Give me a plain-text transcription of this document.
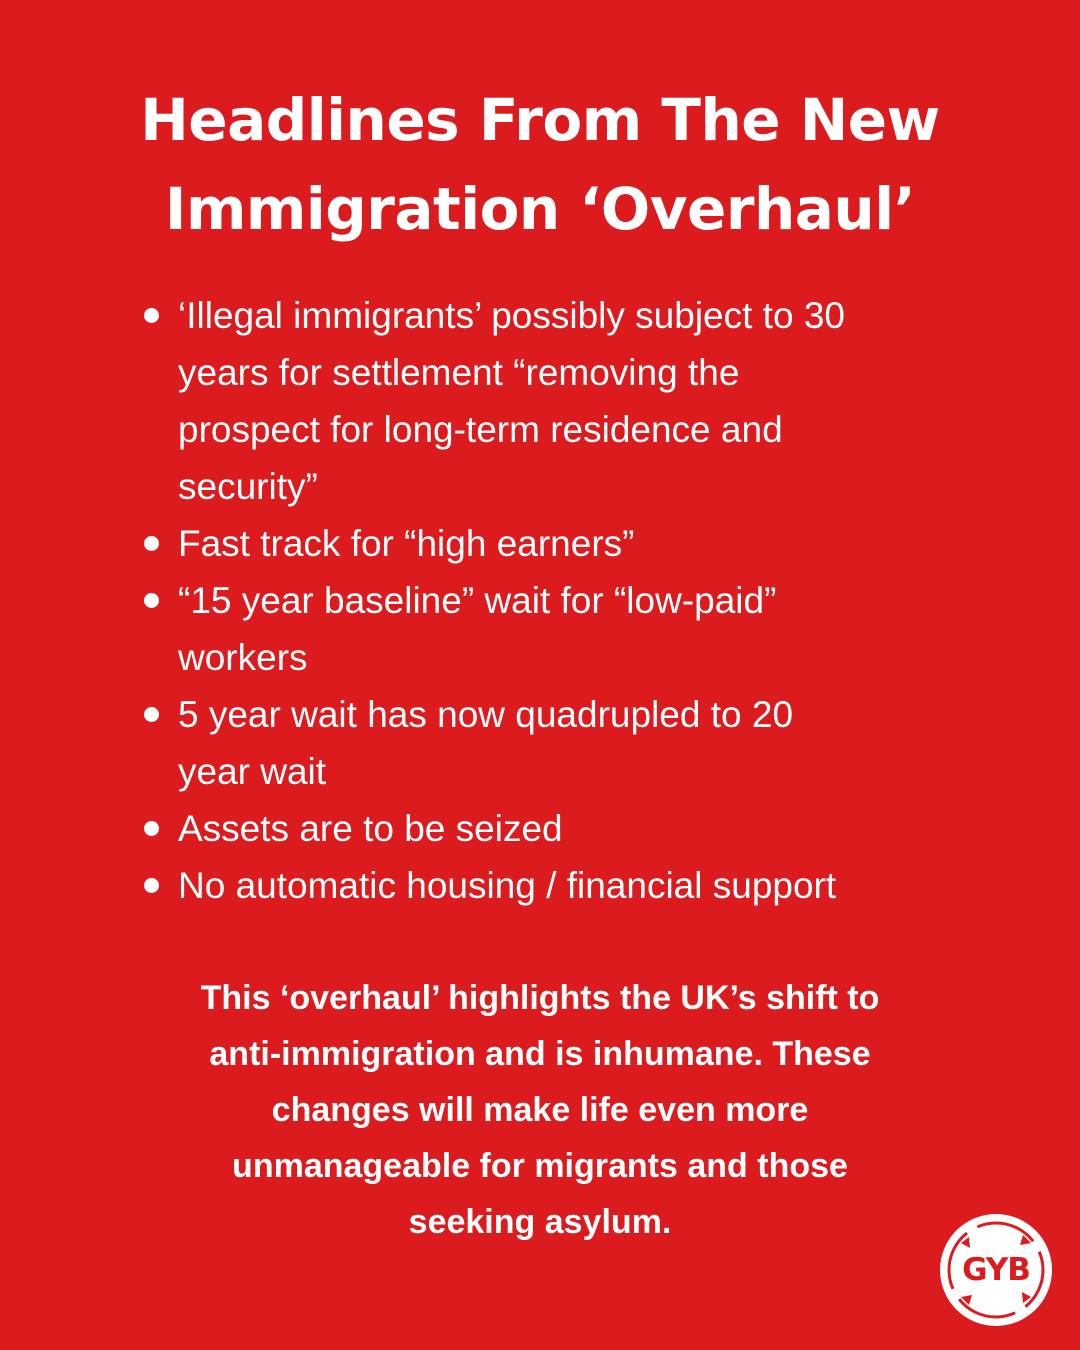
Headlines From The New
Immigration ‘Overhaul’
‘Illegal immigrants’ possibly subject to 30
years for settlement “removing the
prospect for long-term residence and
security”
Fast track for “high earners”
“15 year baseline” wait for “low-paid”
workers
5 year wait has now quadrupled to 20
year wait
Assets are to be seized
No automatic housing / financial support

This ‘overhaul’ highlights the UK’s shift to
anti-immigration and is inhumane. These
changes will make life even more
unmanageable for migrants and those
seeking asylum.

GYB
